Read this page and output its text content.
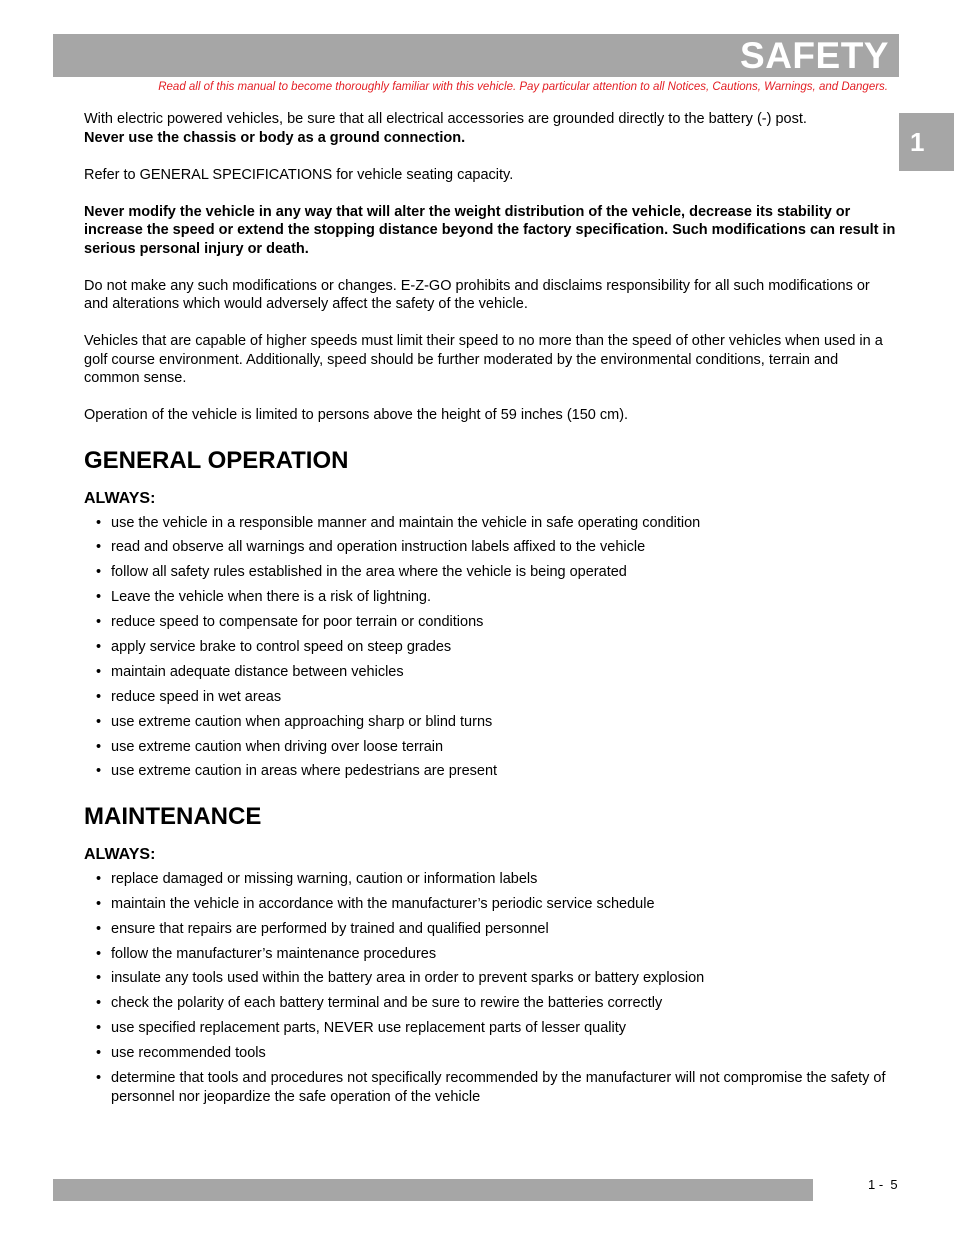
SAFETY
Read all of this manual to become thoroughly familiar with this vehicle. Pay particular attention to all Notices, Cautions, Warnings, and Dangers.
1

With electric powered vehicles, be sure that all electrical accessories are grounded directly to the battery (-) post.
Never use the chassis or body as a ground connection.

Refer to GENERAL SPECIFICATIONS for vehicle seating capacity.

Never modify the vehicle in any way that will alter the weight distribution of the vehicle, decrease its stability or increase the speed or extend the stopping distance beyond the factory specification. Such modifications can result in serious personal injury or death.

Do not make any such modifications or changes. E-Z-GO prohibits and disclaims responsibility for all such modifications or and alterations which would adversely affect the safety of the vehicle.

Vehicles that are capable of higher speeds must limit their speed to no more than the speed of other vehicles when used in a golf course environment. Additionally, speed should be further moderated by the environmental conditions, terrain and common sense.

Operation of the vehicle is limited to persons above the height of 59 inches (150 cm).

GENERAL OPERATION
ALWAYS:
• use the vehicle in a responsible manner and maintain the vehicle in safe operating condition
• read and observe all warnings and operation instruction labels affixed to the vehicle
• follow all safety rules established in the area where the vehicle is being operated
• Leave the vehicle when there is a risk of lightning.
• reduce speed to compensate for poor terrain or conditions
• apply service brake to control speed on steep grades
• maintain adequate distance between vehicles
• reduce speed in wet areas
• use extreme caution when approaching sharp or blind turns
• use extreme caution when driving over loose terrain
• use extreme caution in areas where pedestrians are present
MAINTENANCE
ALWAYS:
• replace damaged or missing warning, caution or information labels
• maintain the vehicle in accordance with the manufacturer’s periodic service schedule
• ensure that repairs are performed by trained and qualified personnel
• follow the manufacturer’s maintenance procedures
• insulate any tools used within the battery area in order to prevent sparks or battery explosion
• check the polarity of each battery terminal and be sure to rewire the batteries correctly
• use specified replacement parts, NEVER use replacement parts of lesser quality
• use recommended tools
• determine that tools and procedures not specifically recommended by the manufacturer will not compromise the safety of personnel nor jeopardize the safe operation of the vehicle
1 -  5
